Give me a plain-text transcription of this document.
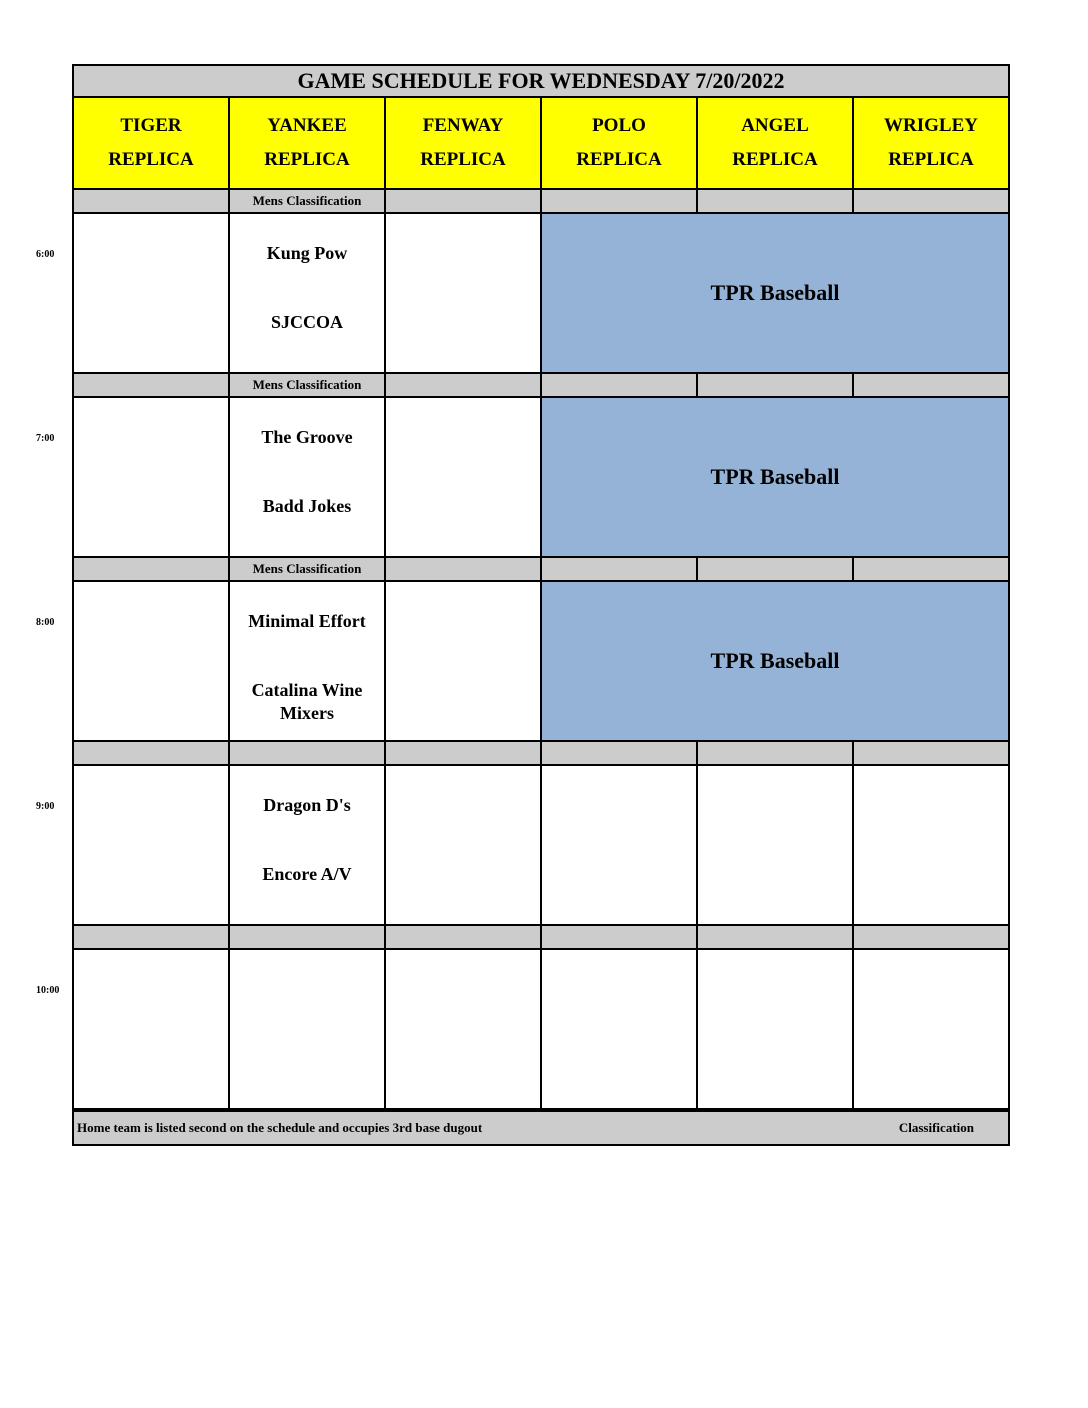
GAME SCHEDULE FOR WEDNESDAY 7/20/2022
TIGER
REPLICA
YANKEE
REPLICA
FENWAY
REPLICA
POLO
REPLICA
ANGEL
REPLICA
WRIGLEY
REPLICA
Mens Classification
Kung Pow
SJCCOA
TPR Baseball
Mens Classification
The Groove
Badd Jokes
TPR Baseball
Mens Classification
Minimal Effort
Catalina Wine Mixers
TPR Baseball
Dragon D's
Encore A/V
Home team is listed second on the schedule and occupies 3rd base dugout	Classification
6:00
7:00
8:00
9:00
10:00
